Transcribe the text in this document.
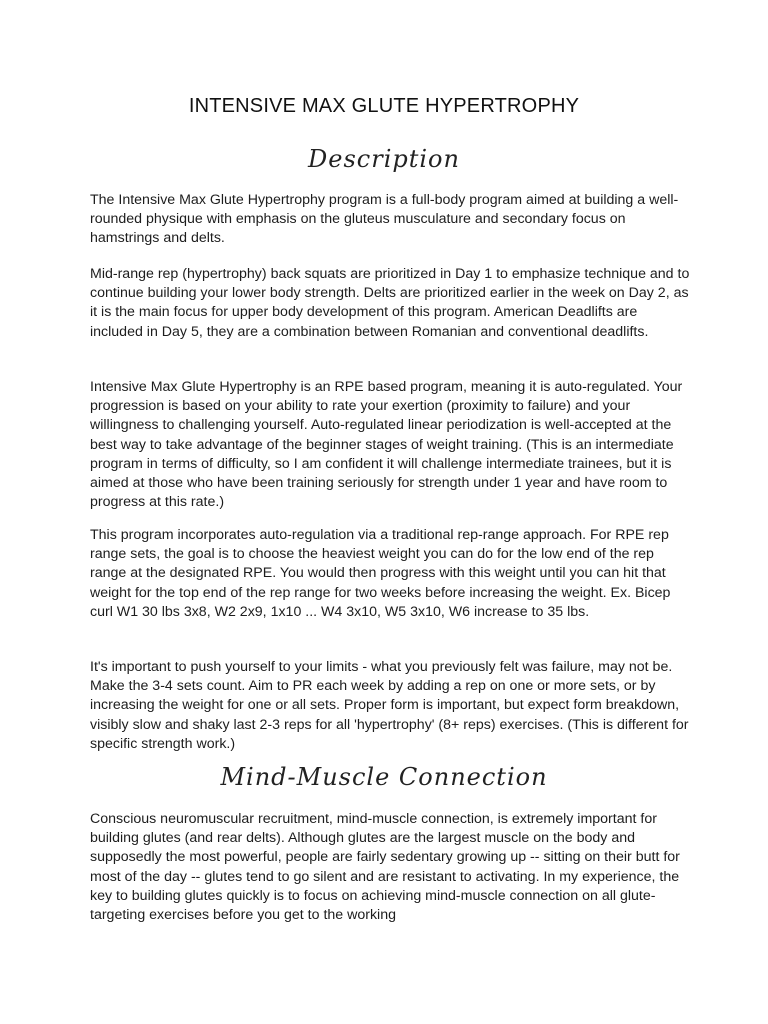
INTENSIVE MAX GLUTE HYPERTROPHY
Description

The Intensive Max Glute Hypertrophy program is a full-body program aimed at building a well-rounded physique with emphasis on the gluteus musculature and secondary focus on hamstrings and delts.

Mid-range rep (hypertrophy) back squats are prioritized in Day 1 to emphasize technique and to continue building your lower body strength. Delts are prioritized earlier in the week on Day 2, as it is the main focus for upper body development of this program. American Deadlifts are included in Day 5, they are a combination between Romanian and conventional deadlifts.

Intensive Max Glute Hypertrophy is an RPE based program, meaning it is auto-regulated. Your progression is based on your ability to rate your exertion (proximity to failure) and your willingness to challenging yourself. Auto-regulated linear periodization is well-accepted at the best way to take advantage of the beginner stages of weight training. (This is an intermediate program in terms of difficulty, so I am confident it will challenge intermediate trainees, but it is aimed at those who have been training seriously for strength under 1 year and have room to progress at this rate.)

This program incorporates auto-regulation via a traditional rep-range approach. For RPE rep range sets, the goal is to choose the heaviest weight you can do for the low end of the rep range at the designated RPE. You would then progress with this weight until you can hit that weight for the top end of the rep range for two weeks before increasing the weight. Ex. Bicep curl W1 30 lbs 3x8, W2 2x9, 1x10 ... W4 3x10, W5 3x10, W6 increase to 35 lbs.

It's important to push yourself to your limits - what you previously felt was failure, may not be. Make the 3-4 sets count. Aim to PR each week by adding a rep on one or more sets, or by increasing the weight for one or all sets. Proper form is important, but expect form breakdown, visibly slow and shaky last 2-3 reps for all 'hypertrophy' (8+ reps) exercises. (This is different for specific strength work.)

Mind-Muscle Connection

Conscious neuromuscular recruitment, mind-muscle connection, is extremely important for building glutes (and rear delts). Although glutes are the largest muscle on the body and supposedly the most powerful, people are fairly sedentary growing up -- sitting on their butt for most of the day -- glutes tend to go silent and are resistant to activating. In my experience, the key to building glutes quickly is to focus on achieving mind-muscle connection on all glute-targeting exercises before you get to the working
